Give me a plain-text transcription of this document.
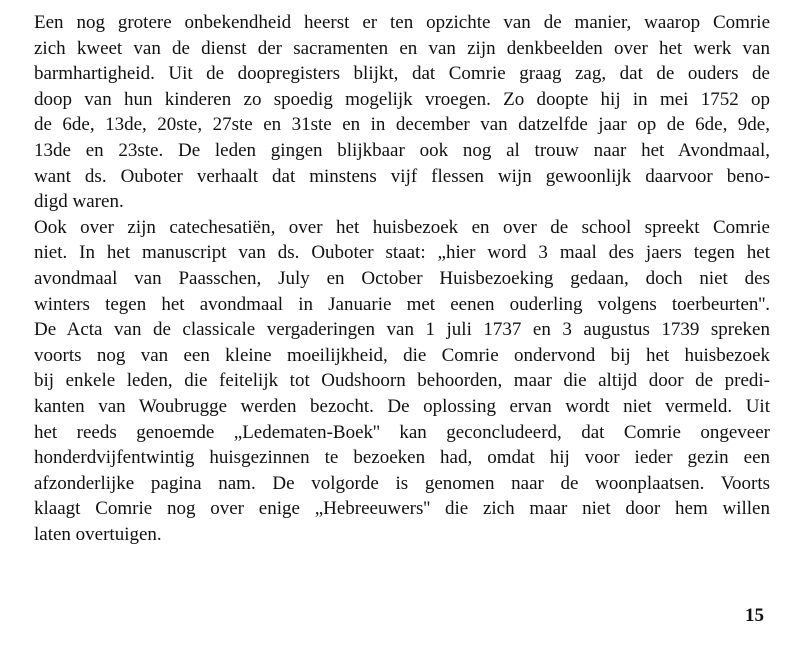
Een nog grotere onbekendheid heerst er ten opzichte van de manier, waarop Comrie
zich kweet van de dienst der sacramenten en van zijn denkbeelden over het werk van
barmhartigheid. Uit de doopregisters blijkt, dat Comrie graag zag, dat de ouders de
doop van hun kinderen zo spoedig mogelijk vroegen. Zo doopte hij in mei 1752 op
de 6de, 13de, 20ste, 27ste en 31ste en in december van datzelfde jaar op de 6de, 9de,
13de en 23ste. De leden gingen blijkbaar ook nog al trouw naar het Avondmaal,
want ds. Ouboter verhaalt dat minstens vijf flessen wijn gewoonlijk daarvoor beno-
digd waren.
Ook over zijn catechesatiën, over het huisbezoek en over de school spreekt Comrie
niet. In het manuscript van ds. Ouboter staat: „hier word 3 maal des jaers tegen het
avondmaal van Paasschen, July en October Huisbezoeking gedaan, doch niet des
winters tegen het avondmaal in Januarie met eenen ouderling volgens toerbeurten''.
De Acta van de classicale vergaderingen van 1 juli 1737 en 3 augustus 1739 spreken
voorts nog van een kleine moeilijkheid, die Comrie ondervond bij het huisbezoek
bij enkele leden, die feitelijk tot Oudshoorn behoorden, maar die altijd door de predi-
kanten van Woubrugge werden bezocht. De oplossing ervan wordt niet vermeld. Uit
het reeds genoemde „Ledematen-Boek'' kan geconcludeerd, dat Comrie ongeveer
honderdvijfentwintig huisgezinnen te bezoeken had, omdat hij voor ieder gezin een
afzonderlijke pagina nam. De volgorde is genomen naar de woonplaatsen. Voorts
klaagt Comrie nog over enige „Hebreeuwers'' die zich maar niet door hem willen
laten overtuigen.
15
